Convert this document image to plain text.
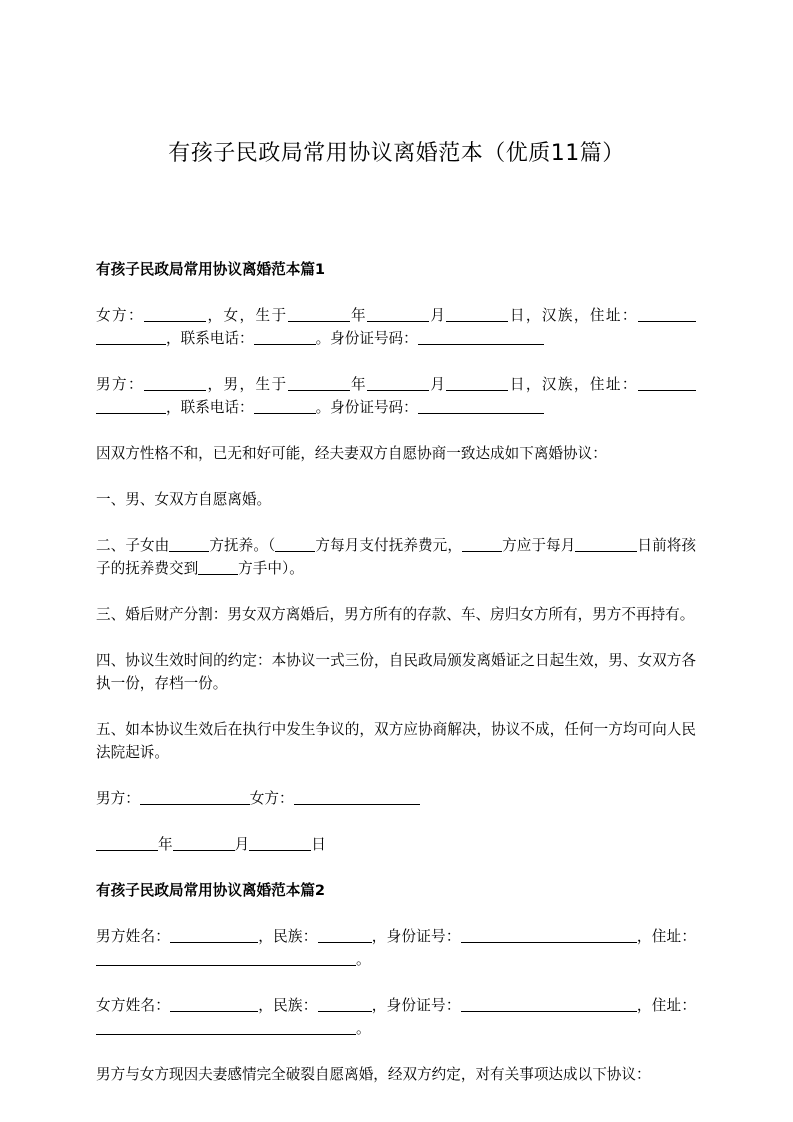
有孩子民政局常用协议离婚范本（优质11篇）
有孩子民政局常用协议离婚范本篇1

女方：	，女，生于	年	月	日，汉族，住址：，联系电话：	。身份证号码：

男方：	，男，生于	年	月	日，汉族，住址：，联系电话：	。身份证号码：

因双方性格不和，已无和好可能，经夫妻双方自愿协商一致达成如下离婚协议：

一、男、女双方自愿离婚。

二、子女由	方抚养。（	方每月支付抚养费元，	方应于每月	日前将孩子的抚养费交到	方手中）。

三、婚后财产分割：男女双方离婚后，男方所有的存款、车、房归女方所有，男方不再持有。

四、协议生效时间的约定：本协议一式三份，自民政局颁发离婚证之日起生效，男、女双方各执一份，存档一份。

五、如本协议生效后在执行中发生争议的，双方应协商解决，协议不成，任何一方均可向人民法院起诉。

男方：	女方：

年	月	日

有孩子民政局常用协议离婚范本篇2

男方姓名：	，民族：	，身份证号：	，住址：。

女方姓名：	，民族：	，身份证号：	，住址：。

男方与女方现因夫妻感情完全破裂自愿离婚，经双方约定，对有关事项达成以下协议：
